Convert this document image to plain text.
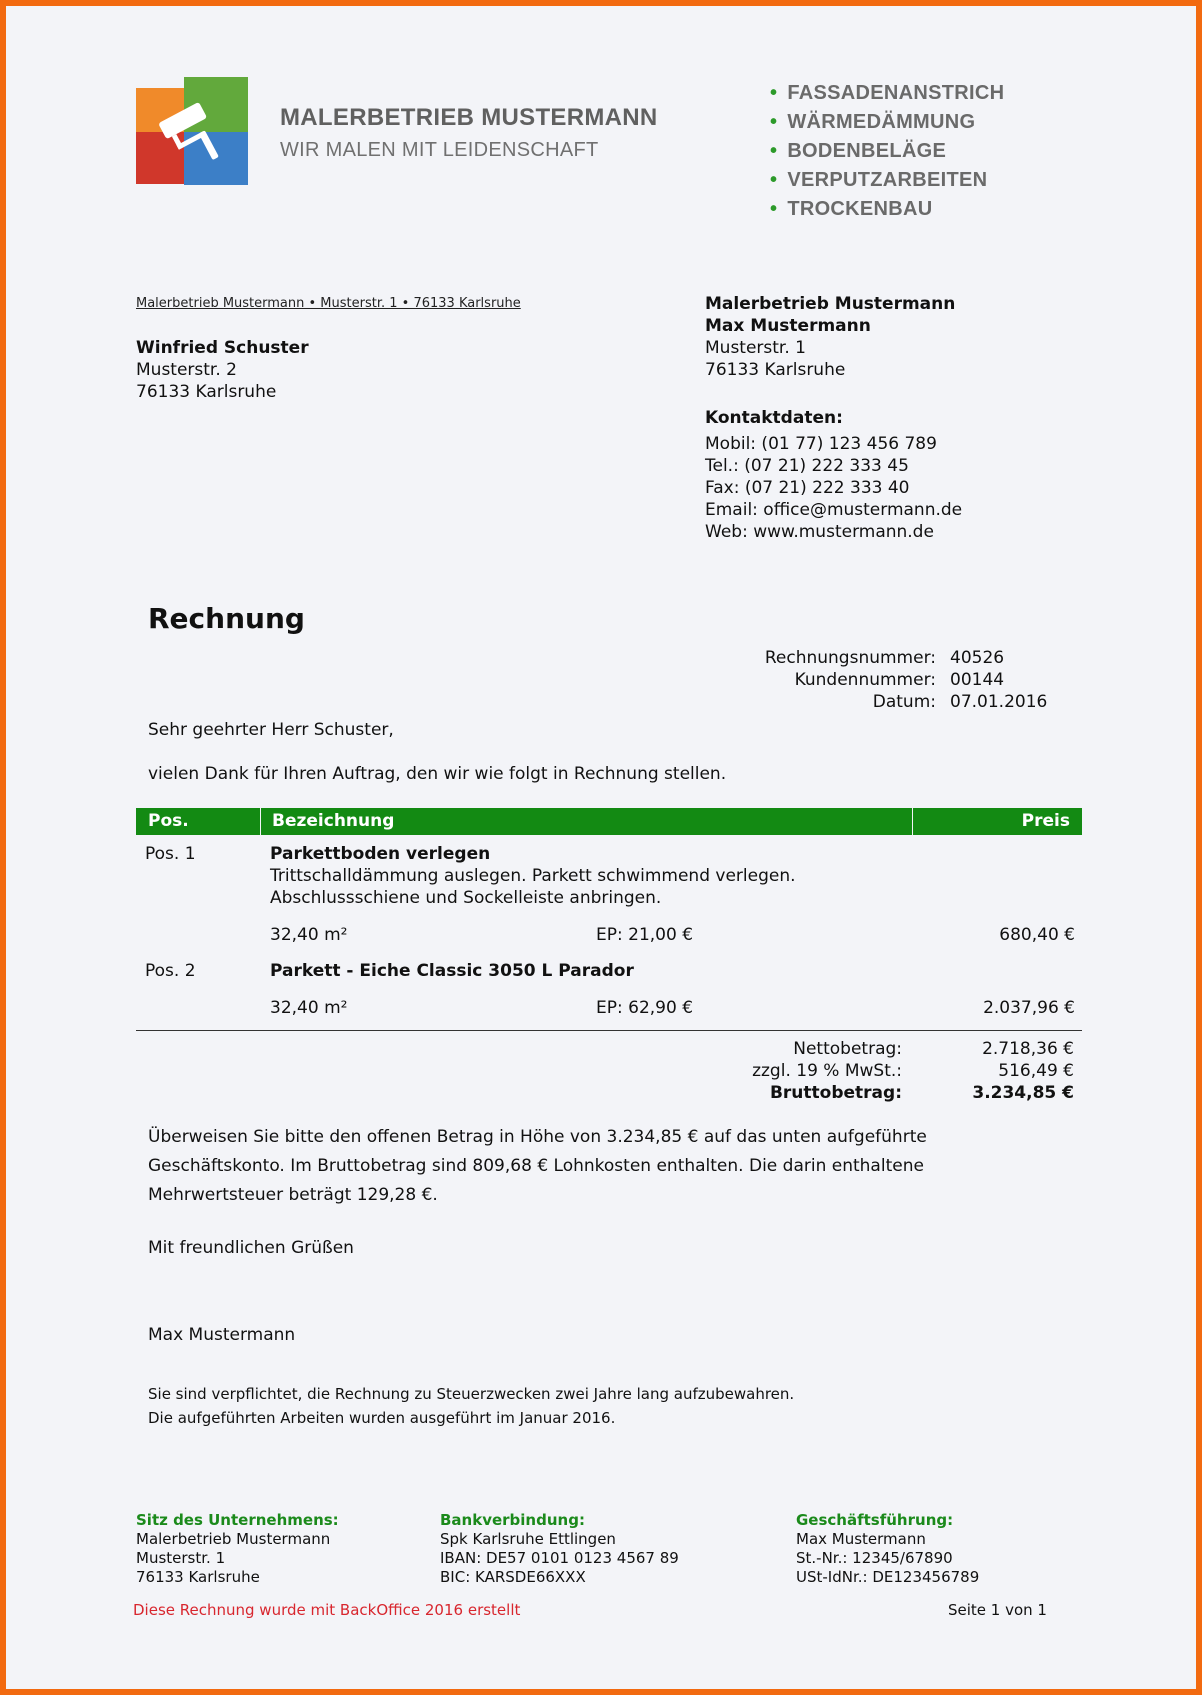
MALERBETRIEB MUSTERMANN
WIR MALEN MIT LEIDENSCHAFT
• FASSADENANSTRICH
• WÄRMEDÄMMUNG
• BODENBELÄGE
• VERPUTZARBEITEN
• TROCKENBAU
Malerbetrieb Mustermann • Musterstr. 1 • 76133 Karlsruhe
Winfried Schuster
Musterstr. 2
76133 Karlsruhe
Malerbetrieb Mustermann
Max Mustermann
Musterstr. 1
76133 Karlsruhe
Kontaktdaten:
Mobil: (01 77) 123 456 789
Tel.: (07 21) 222 333 45
Fax: (07 21) 222 333 40
Email: office@mustermann.de
Web: www.mustermann.de
Rechnung
Rechnungsnummer:	40526
Kundennummer:	00144
Datum:	07.01.2016
Sehr geehrter Herr Schuster,
vielen Dank für Ihren Auftrag, den wir wie folgt in Rechnung stellen.
Pos.	Bezeichnung	Preis
Pos. 1	Parkettboden verlegen
Trittschalldämmung auslegen. Parkett schwimmend verlegen.
Abschlussschiene und Sockelleiste anbringen.
32,40 m²	EP: 21,00 €	680,40 €
Pos. 2	Parkett - Eiche Classic 3050 L Parador
32,40 m²	EP: 62,90 €	2.037,96 €
Nettobetrag:	2.718,36 €
zzgl. 19 % MwSt.:	516,49 €
Bruttobetrag:	3.234,85 €
Überweisen Sie bitte den offenen Betrag in Höhe von 3.234,85 € auf das unten aufgeführte
Geschäftskonto. Im Bruttobetrag sind 809,68 € Lohnkosten enthalten. Die darin enthaltene
Mehrwertsteuer beträgt 129,28 €.
Mit freundlichen Grüßen
Max Mustermann
Sie sind verpflichtet, die Rechnung zu Steuerzwecken zwei Jahre lang aufzubewahren.
Die aufgeführten Arbeiten wurden ausgeführt im Januar 2016.
Sitz des Unternehmens:
Malerbetrieb Mustermann
Musterstr. 1
76133 Karlsruhe
Bankverbindung:
Spk Karlsruhe Ettlingen
IBAN: DE57 0101 0123 4567 89
BIC: KARSDE66XXX
Geschäftsführung:
Max Mustermann
St.-Nr.: 12345/67890
USt-IdNr.: DE123456789
Diese Rechnung wurde mit BackOffice 2016 erstellt	Seite 1 von 1
